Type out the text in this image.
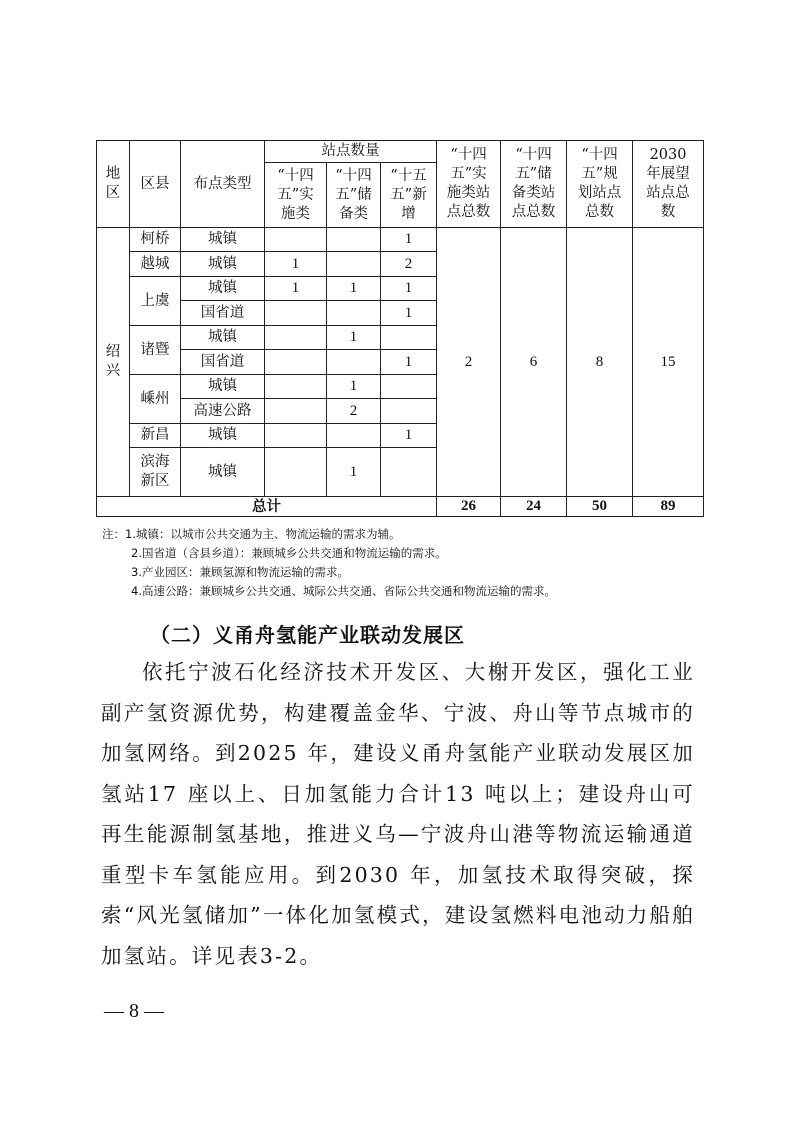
地区	区县	布点类型	站点数量			“十四五”实施类站点总数	“十四五”储备类站点总数	“十四五”规划站点总数	2030 年展望站点总数
			“十四五”实施类	“十四五”储备类	“十五五”新增				
绍兴	柯桥	城镇			1	2	6	8	15
	越城	城镇	1		2				
	上虞	城镇	1	1	1				
		国省道			1				
	诸暨	城镇		1					
		国省道			1				
	嵊州	城镇		1					
		高速公路		2					
	新昌	城镇			1				
	滨海新区	城镇		1					
总计						26	24	50	89
注：1.城镇：以城市公共交通为主、物流运输的需求为辅。
2.国省道（含县乡道）：兼顾城乡公共交通和物流运输的需求。
3.产业园区：兼顾氢源和物流运输的需求。
4.高速公路：兼顾城乡公共交通、城际公共交通、省际公共交通和物流运输的需求。
（二）义甬舟氢能产业联动发展区

依托宁波石化经济技术开发区、大榭开发区，强化工业副产氢资源优势，构建覆盖金华、宁波、舟山等节点城市的加氢网络。到2025 年，建设义甬舟氢能产业联动发展区加氢站17 座以上、日加氢能力合计13 吨以上；建设舟山可再生能源制氢基地，推进义乌—宁波舟山港等物流运输通道重型卡车氢能应用。到2030 年，加氢技术取得突破，探索“风光氢储加”一体化加氢模式，建设氢燃料电池动力船舶加氢站。详见表3-2。

— 8 —
